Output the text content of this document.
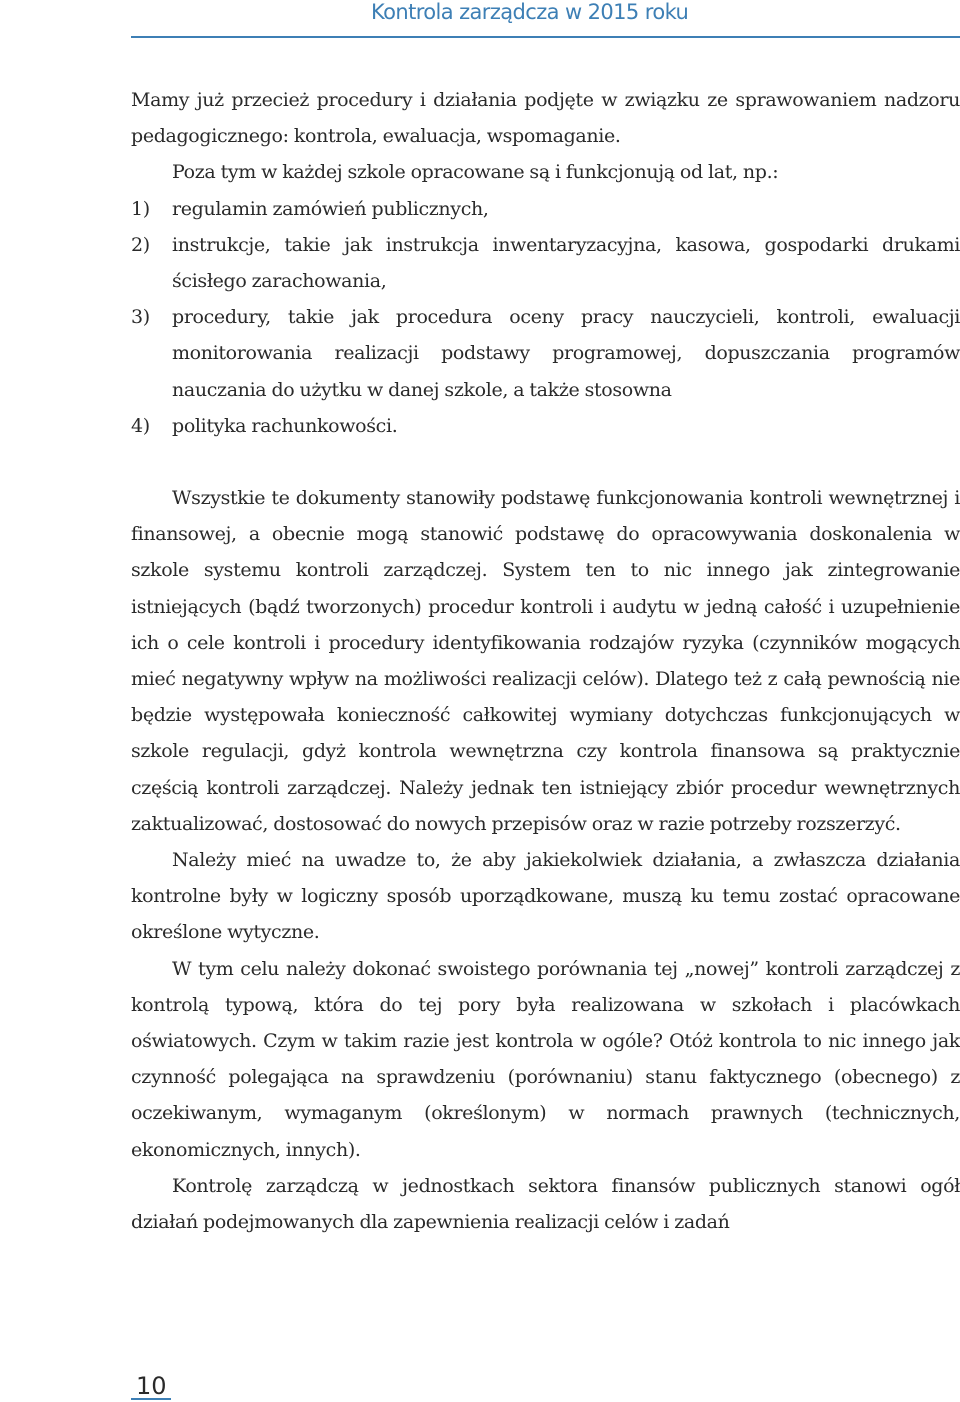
Kontrola zarządcza w 2015 roku

Mamy już przecież procedury i działania podjęte w związku ze sprawowaniem nadzoru pedagogicznego: kontrola, ewaluacja, wspomaganie.

Poza tym w każdej szkole opracowane są i funkcjonują od lat, np.:

1) regulamin zamówień publicznych,
2) instrukcje, takie jak instrukcja inwentaryzacyjna, kasowa, gospodarki drukami ścisłego zarachowania,
3) procedury, takie jak procedura oceny pracy nauczycieli, kontroli, ewaluacji monitorowania realizacji podstawy programowej, dopuszczania programów nauczania do użytku w danej szkole, a także stosowna
4) polityka rachunkowości.

Wszystkie te dokumenty stanowiły podstawę funkcjonowania kontroli wewnętrznej i finansowej, a obecnie mogą stanowić podstawę do opracowywania doskonalenia w szkole systemu kontroli zarządczej. System ten to nic innego jak zintegrowanie istniejących (bądź tworzonych) procedur kontroli i audytu w jedną całość i uzupełnienie ich o cele kontroli i procedury identyfikowania rodzajów ryzyka (czynników mogących mieć negatywny wpływ na możliwości realizacji celów). Dlatego też z całą pewnością nie będzie występowała konieczność całkowitej wymiany dotychczas funkcjonujących w szkole regulacji, gdyż kontrola wewnętrzna czy kontrola finansowa są praktycznie częścią kontroli zarządczej. Należy jednak ten istniejący zbiór procedur wewnętrznych zaktualizować, dostosować do nowych przepisów oraz w razie potrzeby rozszerzyć.

Należy mieć na uwadze to, że aby jakiekolwiek działania, a zwłaszcza działania kontrolne były w logiczny sposób uporządkowane, muszą ku temu zostać opracowane określone wytyczne.

W tym celu należy dokonać swoistego porównania tej „nowej” kontroli zarządczej z kontrolą typową, która do tej pory była realizowana w szkołach i placówkach oświatowych. Czym w takim razie jest kontrola w ogóle? Otóż kontrola to nic innego jak czynność polegająca na sprawdzeniu (porównaniu) stanu faktycznego (obecnego) z oczekiwanym, wymaganym (określonym) w normach prawnych (technicznych, ekonomicznych, innych).

Kontrolę zarządczą w jednostkach sektora finansów publicznych stanowi ogół działań podejmowanych dla zapewnienia realizacji celów i zadań

10
